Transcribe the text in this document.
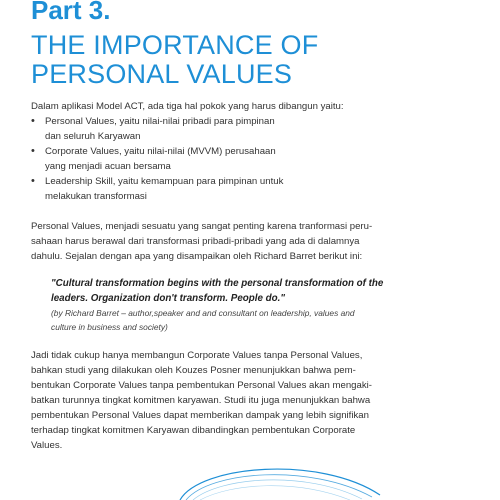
Part 3.
THE IMPORTANCE OF
PERSONAL VALUES
Dalam aplikasi Model ACT, ada tiga hal pokok yang harus dibangun yaitu:
• Personal Values, yaitu nilai-nilai pribadi para pimpinan
dan seluruh Karyawan
• Corporate Values, yaitu nilai-nilai (MVVM) perusahaan
yang menjadi acuan bersama
• Leadership Skill, yaitu kemampuan para pimpinan untuk
melakukan transformasi
Personal Values, menjadi sesuatu yang sangat penting karena tranformasi peru-
sahaan harus berawal dari transformasi pribadi-pribadi yang ada di dalamnya
dahulu. Sejalan dengan apa yang disampaikan oleh Richard Barret berikut ini:
"Cultural transformation begins with the personal transformation of the
leaders. Organization don't transform. People do."
(by Richard Barret – author,speaker and and consultant on leadership, values and
culture in business and society)
Jadi tidak cukup hanya membangun Corporate Values tanpa Personal Values,
bahkan studi yang dilakukan oleh Kouzes Posner menunjukkan bahwa pem-
bentukan Corporate Values tanpa pembentukan Personal Values akan mengaki-
batkan turunnya tingkat komitmen karyawan. Studi itu juga menunjukkan bahwa
pembentukan Personal Values dapat memberikan dampak yang lebih signifikan
terhadap tingkat komitmen Karyawan dibandingkan pembentukan Corporate
Values.
